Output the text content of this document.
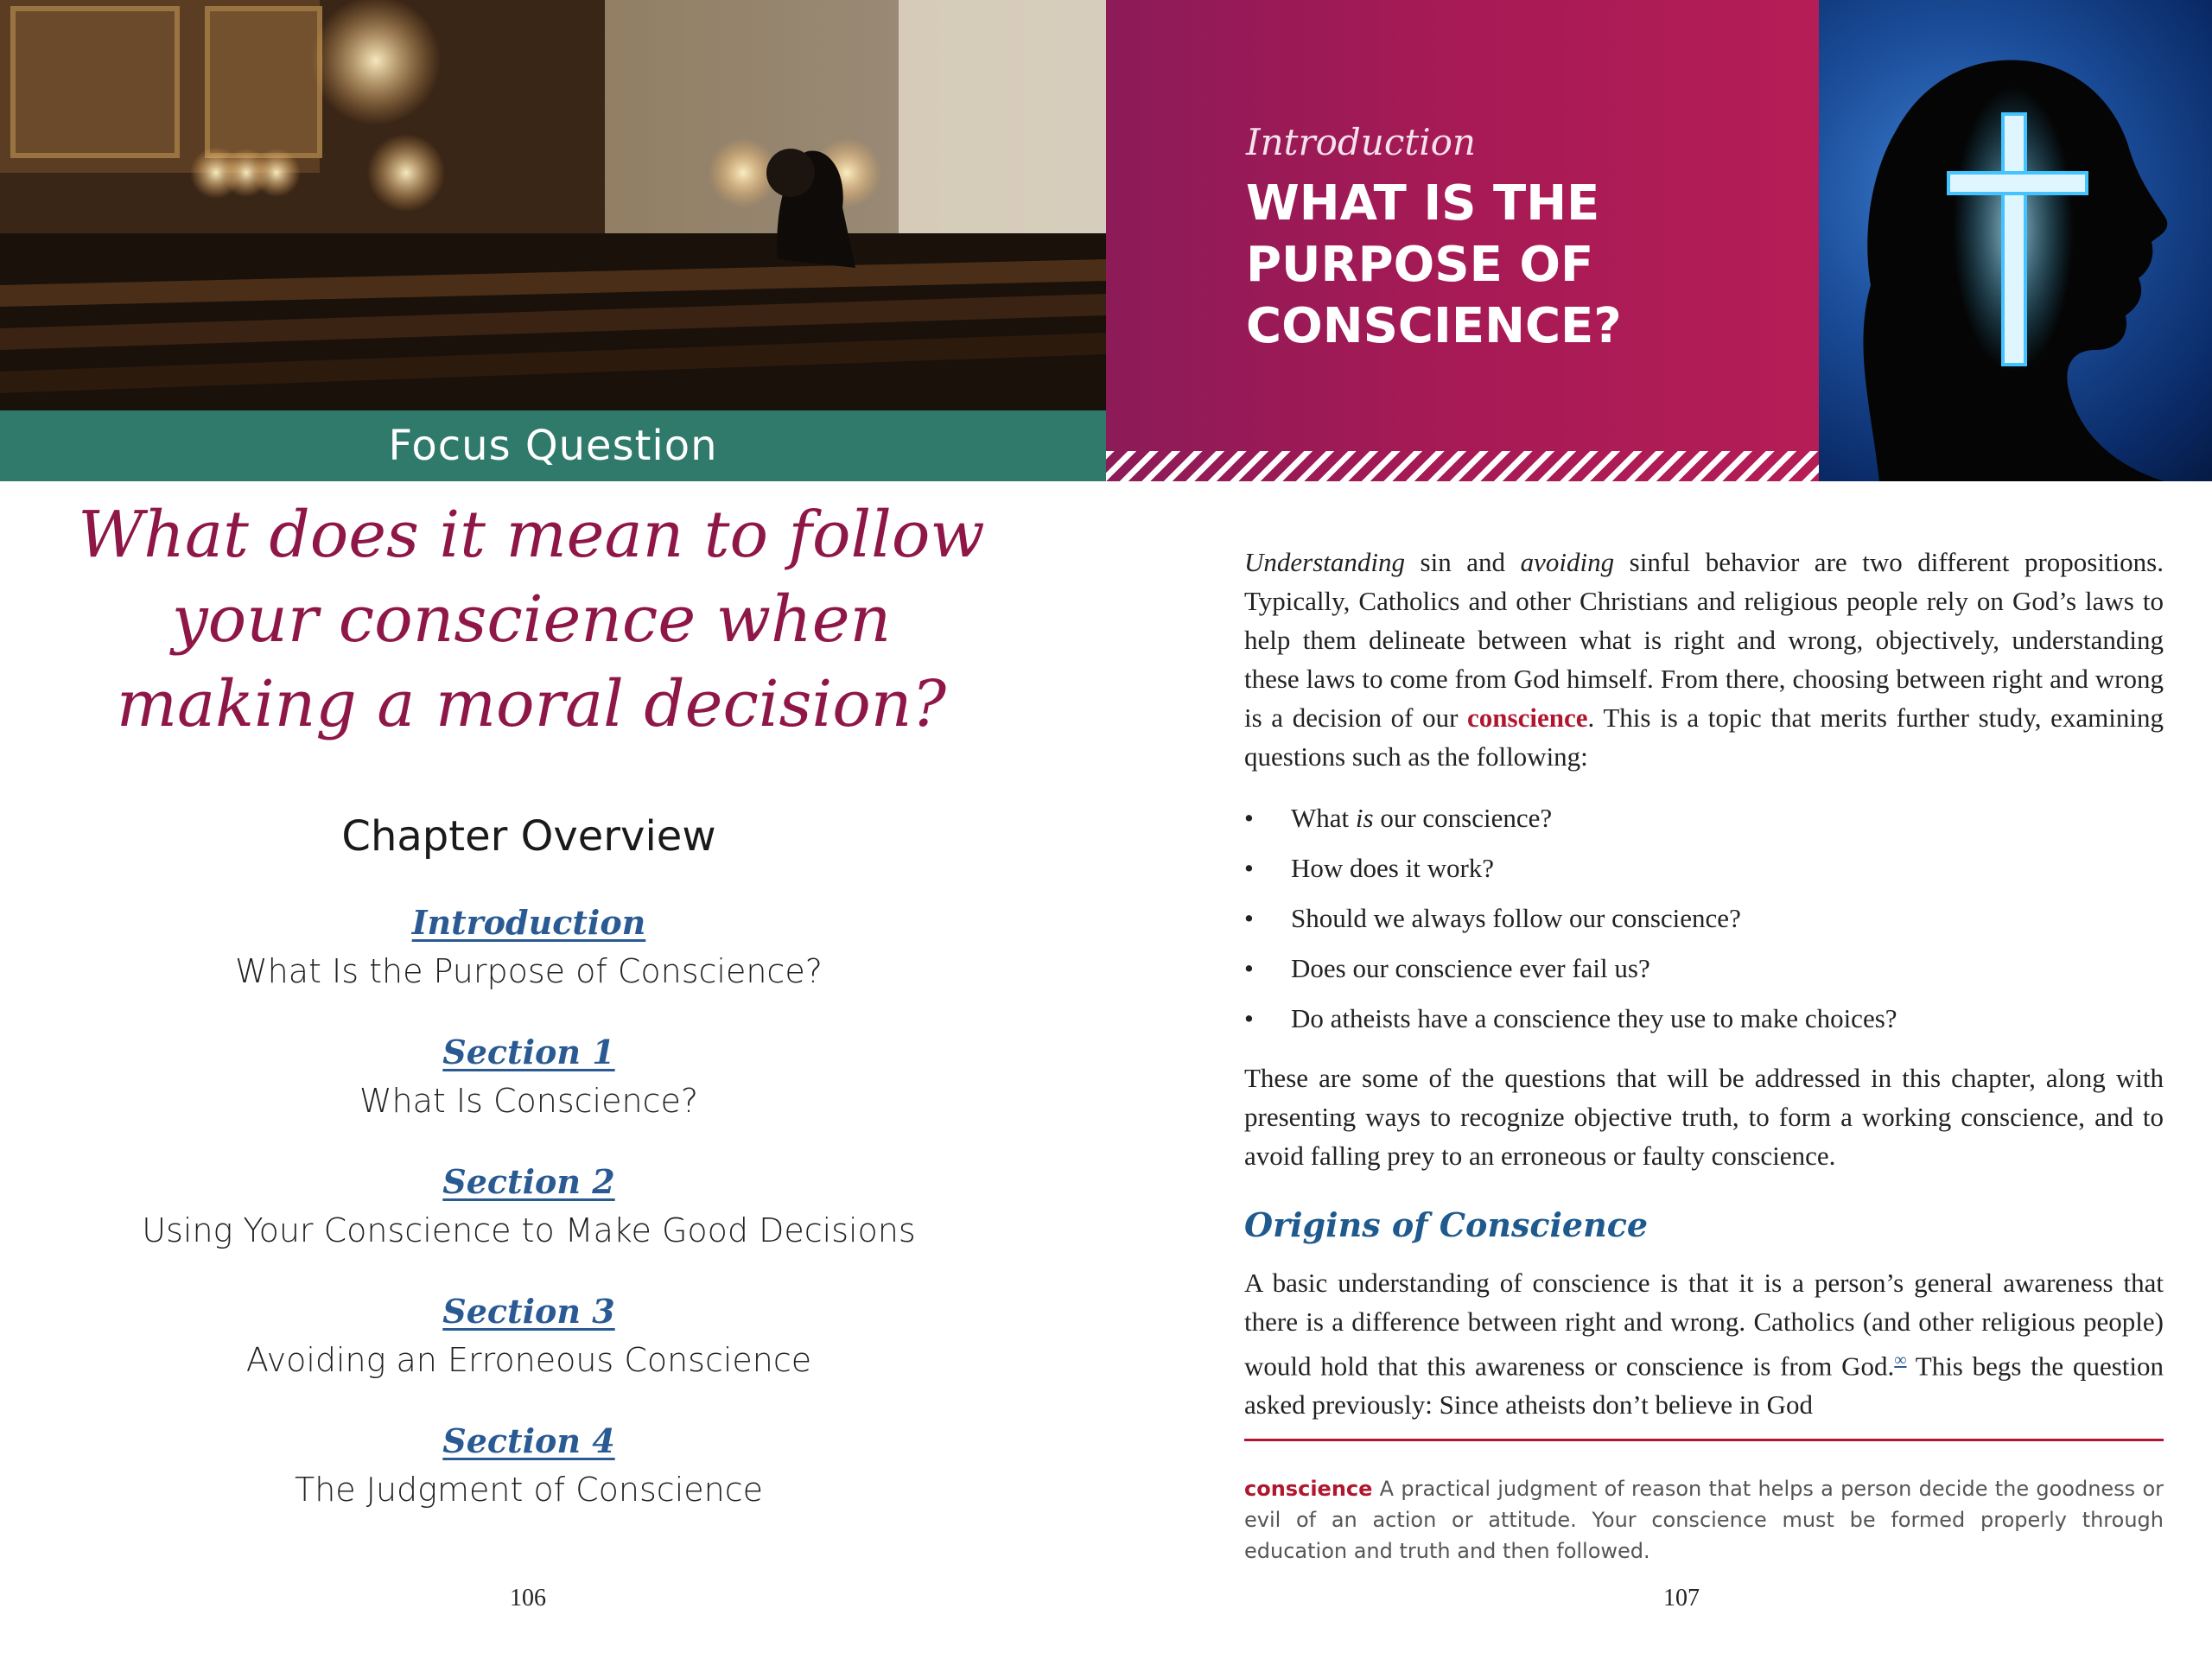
Focus Question
What does it mean to follow your conscience when making a moral decision?
Chapter Overview
Introduction
What Is the Purpose of Conscience?
Section 1
What Is Conscience?
Section 2
Using Your Conscience to Make Good Decisions
Section 3
Avoiding an Erroneous Conscience
Section 4
The Judgment of Conscience
106
Introduction
WHAT IS THE
PURPOSE OF
CONSCIENCE?
Understanding sin and avoiding sinful behavior are two different propositions. Typically, Catholics and other Christians and religious people rely on God’s laws to help them delineate between what is right and wrong, objectively, understanding these laws to come from God himself. From there, choosing between right and wrong is a decision of our conscience. This is a topic that merits further study, examining questions such as the following:
• What is our conscience?
• How does it work?
• Should we always follow our conscience?
• Does our conscience ever fail us?
• Do atheists have a conscience they use to make choices?
These are some of the questions that will be addressed in this chapter, along with presenting ways to recognize objective truth, to form a working conscience, and to avoid falling prey to an erroneous or faulty conscience.
Origins of Conscience
A basic understanding of conscience is that it is a person’s general awareness that there is a difference between right and wrong. Catholics (and other religious people) would hold that this awareness or conscience is from God.∞ This begs the question asked previously: Since atheists don’t believe in God
conscience A practical judgment of reason that helps a person decide the goodness or evil of an action or attitude. Your conscience must be formed properly through education and truth and then followed.
107
